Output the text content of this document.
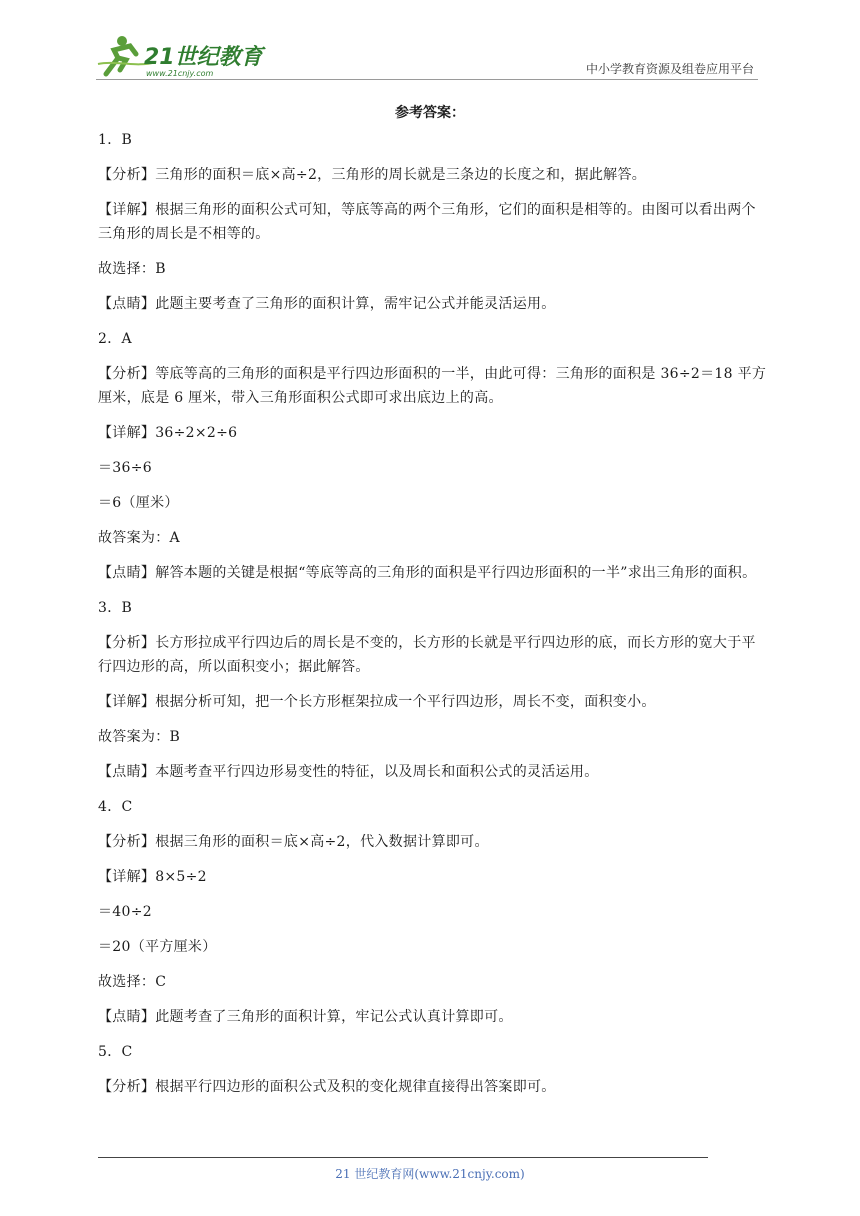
21世纪教育
www.21cnjy.com	中小学教育资源及组卷应用平台
参考答案：
1．B
【分析】三角形的面积＝底×高÷2，三角形的周长就是三条边的长度之和，据此解答。
【详解】根据三角形的面积公式可知，等底等高的两个三角形，它们的面积是相等的。由图可以看出两个三角形的周长是不相等的。
故选择：B
【点睛】此题主要考查了三角形的面积计算，需牢记公式并能灵活运用。
2．A
【分析】等底等高的三角形的面积是平行四边形面积的一半，由此可得：三角形的面积是 36÷2＝18 平方厘米，底是 6 厘米，带入三角形面积公式即可求出底边上的高。
【详解】36÷2×2÷6
＝36÷6
＝6（厘米）
故答案为：A
【点睛】解答本题的关键是根据“等底等高的三角形的面积是平行四边形面积的一半”求出三角形的面积。
3．B
【分析】长方形拉成平行四边后的周长是不变的，长方形的长就是平行四边形的底，而长方形的宽大于平行四边形的高，所以面积变小；据此解答。
【详解】根据分析可知，把一个长方形框架拉成一个平行四边形，周长不变，面积变小。
故答案为：B
【点睛】本题考查平行四边形易变性的特征，以及周长和面积公式的灵活运用。
4．C
【分析】根据三角形的面积＝底×高÷2，代入数据计算即可。
【详解】8×5÷2
＝40÷2
＝20（平方厘米）
故选择：C
【点睛】此题考查了三角形的面积计算，牢记公式认真计算即可。
5．C
【分析】根据平行四边形的面积公式及积的变化规律直接得出答案即可。
21 世纪教育网(www.21cnjy.com)
